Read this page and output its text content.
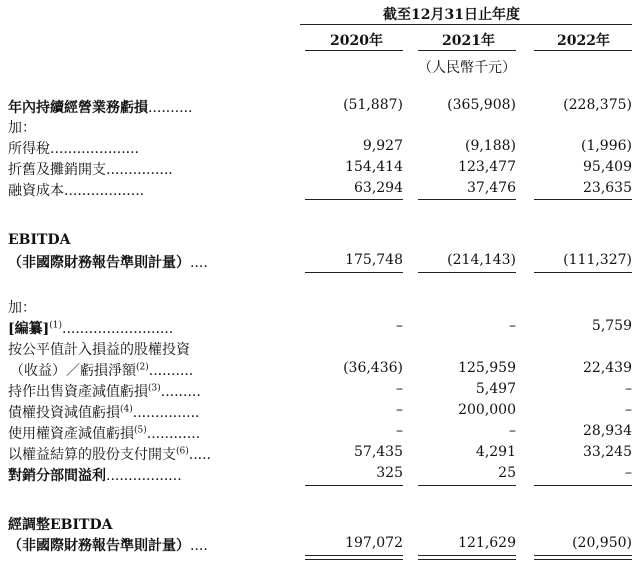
截至12月31日止年度
2020年	2021年	2022年
（人民幣千元）
年內持續經營業務虧損..........	(51,887)	(365,908)	(228,375)
加：
所得稅....................	9,927	(9,188)	(1,996)
折舊及攤銷開支...............	154,414	123,477	95,409
融資成本..................	63,294	37,476	23,635
EBITDA
（非國際財務報告準則計量）....	175,748	(214,143)	(111,327)
加：
[編纂]$^{(1)}$.........................	–	–	5,759
按公平值計入損益的股權投資
（收益）／虧損淨額$^{(2)}$..........	(36,436)	125,959	22,439
持作出售資產減值虧損$^{(3)}$.........	–	5,497	–
債權投資減值虧損$^{(4)}$...............	–	200,000	–
使用權資產減值虧損$^{(5)}$............	–	–	28,934
以權益結算的股份支付開支$^{(6)}$.....	57,435	4,291	33,245
對銷分部間溢利.................	325	25	–
經調整EBITDA
（非國際財務報告準則計量）....	197,072	121,629	(20,950)
